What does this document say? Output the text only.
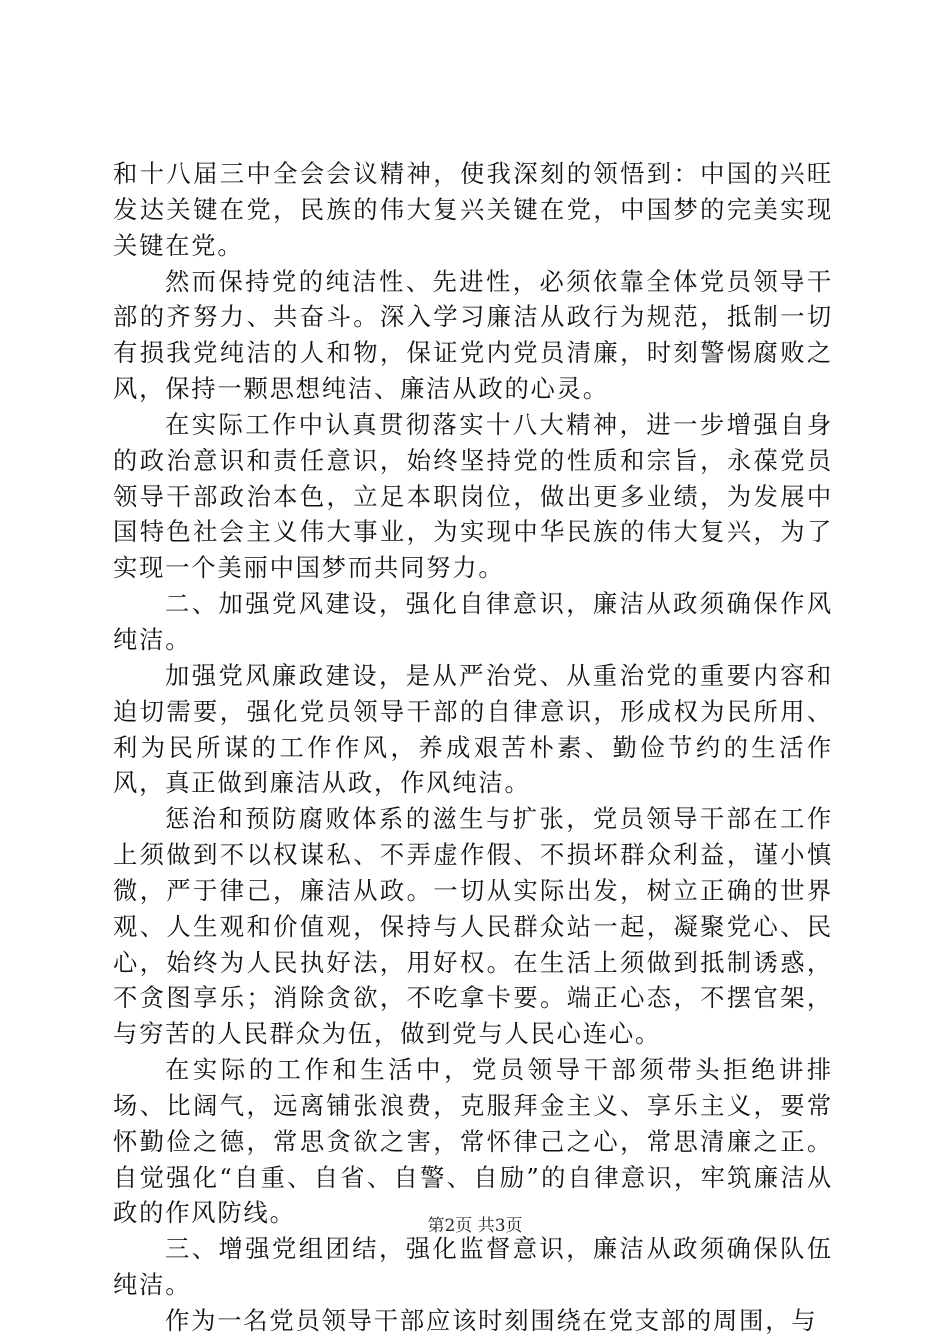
和十八届三中全会会议精神，使我深刻的领悟到：中国的兴旺发达关键在党，民族的伟大复兴关键在党，中国梦的完美实现关键在党。

然而保持党的纯洁性、先进性，必须依靠全体党员领导干部的齐努力、共奋斗。深入学习廉洁从政行为规范，抵制一切有损我党纯洁的人和物，保证党内党员清廉，时刻警惕腐败之风，保持一颗思想纯洁、廉洁从政的心灵。

在实际工作中认真贯彻落实十八大精神，进一步增强自身的政治意识和责任意识，始终坚持党的性质和宗旨，永葆党员领导干部政治本色，立足本职岗位，做出更多业绩，为发展中国特色社会主义伟大事业，为实现中华民族的伟大复兴，为了实现一个美丽中国梦而共同努力。

二、加强党风建设，强化自律意识，廉洁从政须确保作风纯洁。

加强党风廉政建设，是从严治党、从重治党的重要内容和迫切需要，强化党员领导干部的自律意识，形成权为民所用、利为民所谋的工作作风，养成艰苦朴素、勤俭节约的生活作风，真正做到廉洁从政，作风纯洁。

惩治和预防腐败体系的滋生与扩张，党员领导干部在工作上须做到不以权谋私、不弄虚作假、不损坏群众利益，谨小慎微，严于律己，廉洁从政。一切从实际出发，树立正确的世界观、人生观和价值观，保持与人民群众站一起，凝聚党心、民心，始终为人民执好法，用好权。在生活上须做到抵制诱惑，不贪图享乐；消除贪欲，不吃拿卡要。端正心态，不摆官架，与穷苦的人民群众为伍，做到党与人民心连心。

在实际的工作和生活中，党员领导干部须带头拒绝讲排场、比阔气，远离铺张浪费，克服拜金主义、享乐主义，要常怀勤俭之德，常思贪欲之害，常怀律己之心，常思清廉之正。自觉强化“自重、自省、自警、自励”的自律意识，牢筑廉洁从政的作风防线。

三、增强党组团结，强化监督意识，廉洁从政须确保队伍纯洁。

作为一名党员领导干部应该时刻围绕在党支部的周围，与

第2页 共3页
